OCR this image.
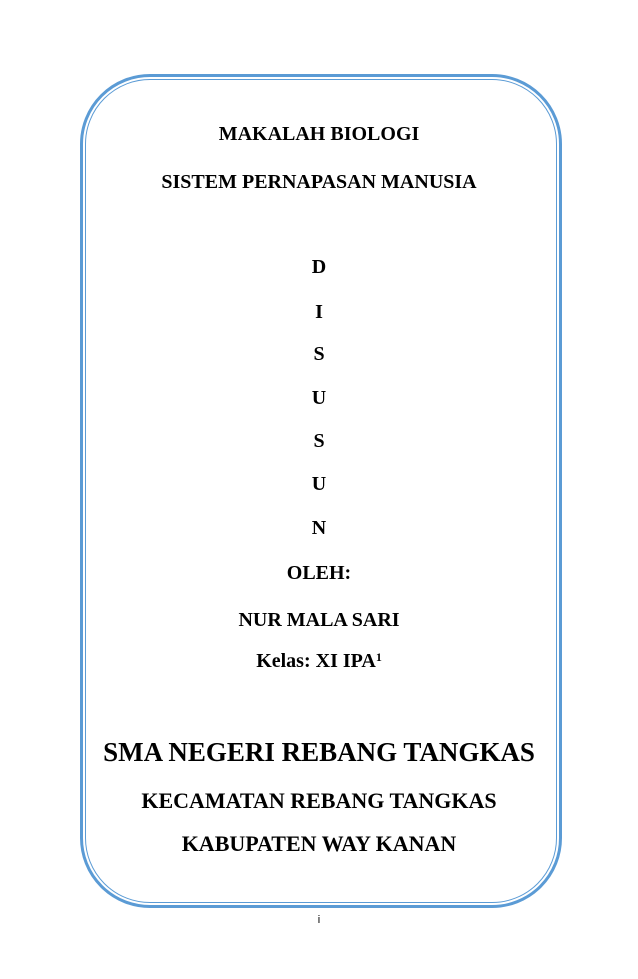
MAKALAH BIOLOGI
SISTEM PERNAPASAN MANUSIA
D
I
S
U
S
U
N
OLEH:
NUR MALA SARI
Kelas: XI IPA$^1$
SMA NEGERI REBANG TANGKAS
KECAMATAN REBANG TANGKAS
KABUPATEN WAY KANAN
i
